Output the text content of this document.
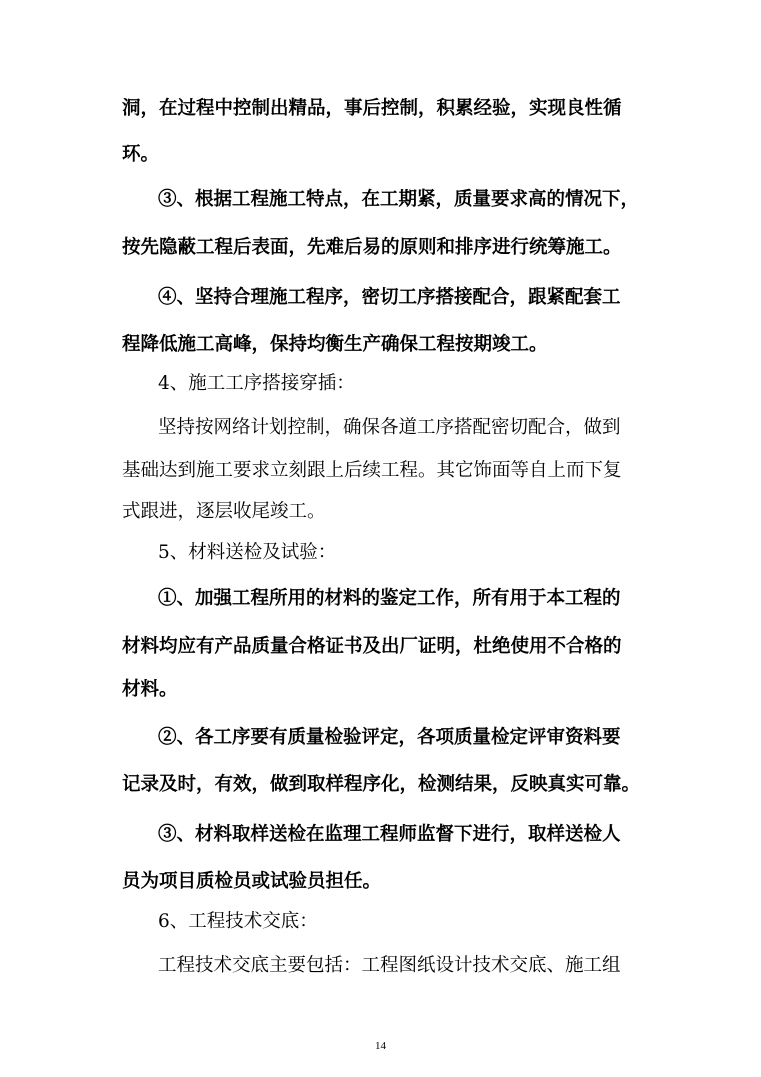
洞，在过程中控制出精品，事后控制，积累经验，实现良性循
环。
③、根据工程施工特点，在工期紧，质量要求高的情况下，
按先隐蔽工程后表面，先难后易的原则和排序进行统筹施工。
④、坚持合理施工程序，密切工序搭接配合，跟紧配套工
程降低施工高峰，保持均衡生产确保工程按期竣工。
4、施工工序搭接穿插：
坚持按网络计划控制，确保各道工序搭配密切配合，做到
基础达到施工要求立刻跟上后续工程。其它饰面等自上而下复
式跟进，逐层收尾竣工。
5、材料送检及试验：
①、加强工程所用的材料的鉴定工作，所有用于本工程的
材料均应有产品质量合格证书及出厂证明，杜绝使用不合格的
材料。
②、各工序要有质量检验评定，各项质量检定评审资料要
记录及时，有效，做到取样程序化，检测结果，反映真实可靠。
③、材料取样送检在监理工程师监督下进行，取样送检人
员为项目质检员或试验员担任。
6、工程技术交底：
工程技术交底主要包括：工程图纸设计技术交底、施工组
14
